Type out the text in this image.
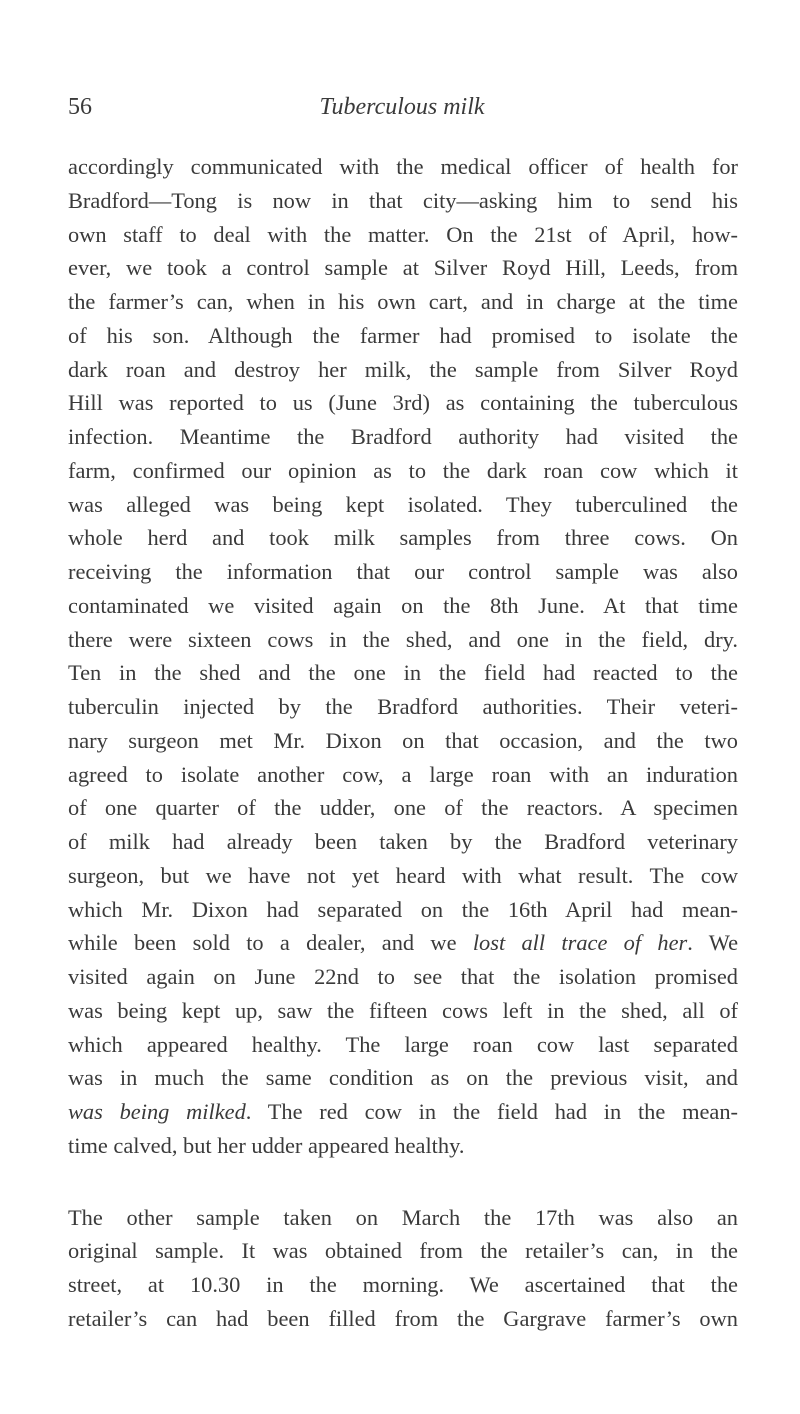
56	Tuberculous milk
accordingly communicated with the medical officer of health for
Bradford—Tong is now in that city—asking him to send his
own staff to deal with the matter. On the 21st of April, how-
ever, we took a control sample at Silver Royd Hill, Leeds, from
the farmer’s can, when in his own cart, and in charge at the time
of his son. Although the farmer had promised to isolate the
dark roan and destroy her milk, the sample from Silver Royd
Hill was reported to us (June 3rd) as containing the tuberculous
infection. Meantime the Bradford authority had visited the
farm, confirmed our opinion as to the dark roan cow which it
was alleged was being kept isolated. They tuberculined the
whole herd and took milk samples from three cows. On
receiving the information that our control sample was also
contaminated we visited again on the 8th June. At that time
there were sixteen cows in the shed, and one in the field, dry.
Ten in the shed and the one in the field had reacted to the
tuberculin injected by the Bradford authorities. Their veteri-
nary surgeon met Mr. Dixon on that occasion, and the two
agreed to isolate another cow, a large roan with an induration
of one quarter of the udder, one of the reactors. A specimen
of milk had already been taken by the Bradford veterinary
surgeon, but we have not yet heard with what result. The cow
which Mr. Dixon had separated on the 16th April had mean-
while been sold to a dealer, and we lost all trace of her. We
visited again on June 22nd to see that the isolation promised
was being kept up, saw the fifteen cows left in the shed, all of
which appeared healthy. The large roan cow last separated
was in much the same condition as on the previous visit, and
was being milked. The red cow in the field had in the mean-
time calved, but her udder appeared healthy.
The other sample taken on March the 17th was also an
original sample. It was obtained from the retailer’s can, in the
street, at 10.30 in the morning. We ascertained that the
retailer’s can had been filled from the Gargrave farmer’s own
